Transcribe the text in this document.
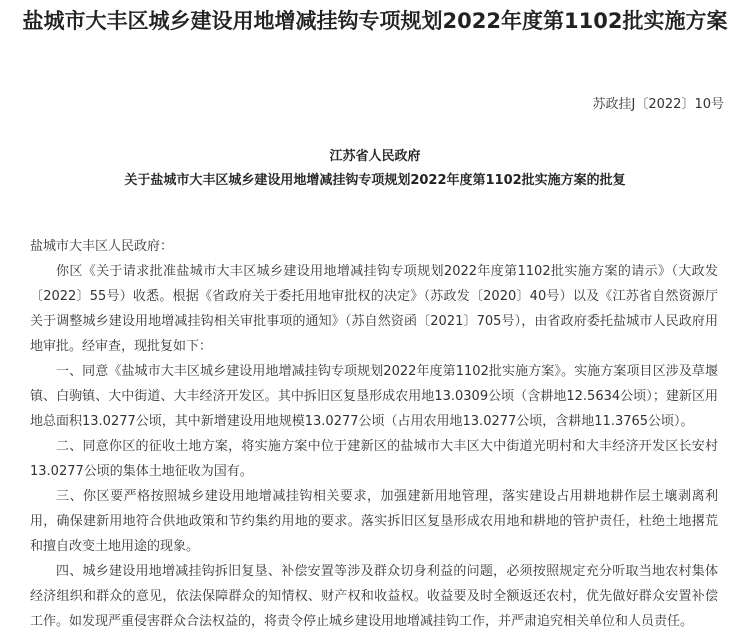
盐城市大丰区城乡建设用地增减挂钩专项规划2022年度第1102批实施方案
苏政挂J〔2022〕10号
江苏省人民政府
关于盐城市大丰区城乡建设用地增减挂钩专项规划2022年度第1102批实施方案的批复

盐城市大丰区人民政府：

你区《关于请求批准盐城市大丰区城乡建设用地增减挂钩专项规划2022年度第1102批实施方案的请示》（大政发〔2022〕55号）收悉。根据《省政府关于委托用地审批权的决定》（苏政发〔2020〕40号）以及《江苏省自然资源厅关于调整城乡建设用地增减挂钩相关审批事项的通知》（苏自然资函〔2021〕705号），由省政府委托盐城市人民政府用地审批。经审查，现批复如下：

一、同意《盐城市大丰区城乡建设用地增减挂钩专项规划2022年度第1102批实施方案》。实施方案项目区涉及草堰镇、白驹镇、大中街道、大丰经济开发区。其中拆旧区复垦形成农用地13.0309公顷（含耕地12.5634公顷）；建新区用地总面积13.0277公顷，其中新增建设用地规模13.0277公顷（占用农用地13.0277公顷，含耕地11.3765公顷）。

二、同意你区的征收土地方案，将实施方案中位于建新区的盐城市大丰区大中街道光明村和大丰经济开发区长安村13.0277公顷的集体土地征收为国有。

三、你区要严格按照城乡建设用地增减挂钩相关要求，加强建新用地管理，落实建设占用耕地耕作层土壤剥离利用，确保建新用地符合供地政策和节约集约用地的要求。落实拆旧区复垦形成农用地和耕地的管护责任，杜绝土地撂荒和擅自改变土地用途的现象。

四、城乡建设用地增减挂钩拆旧复垦、补偿安置等涉及群众切身利益的问题，必须按照规定充分听取当地农村集体经济组织和群众的意见，依法保障群众的知情权、财产权和收益权。收益要及时全额返还农村，优先做好群众安置补偿工作。如发现严重侵害群众合法权益的，将责令停止城乡建设用地增减挂钩工作，并严肃追究相关单位和人员责任。
